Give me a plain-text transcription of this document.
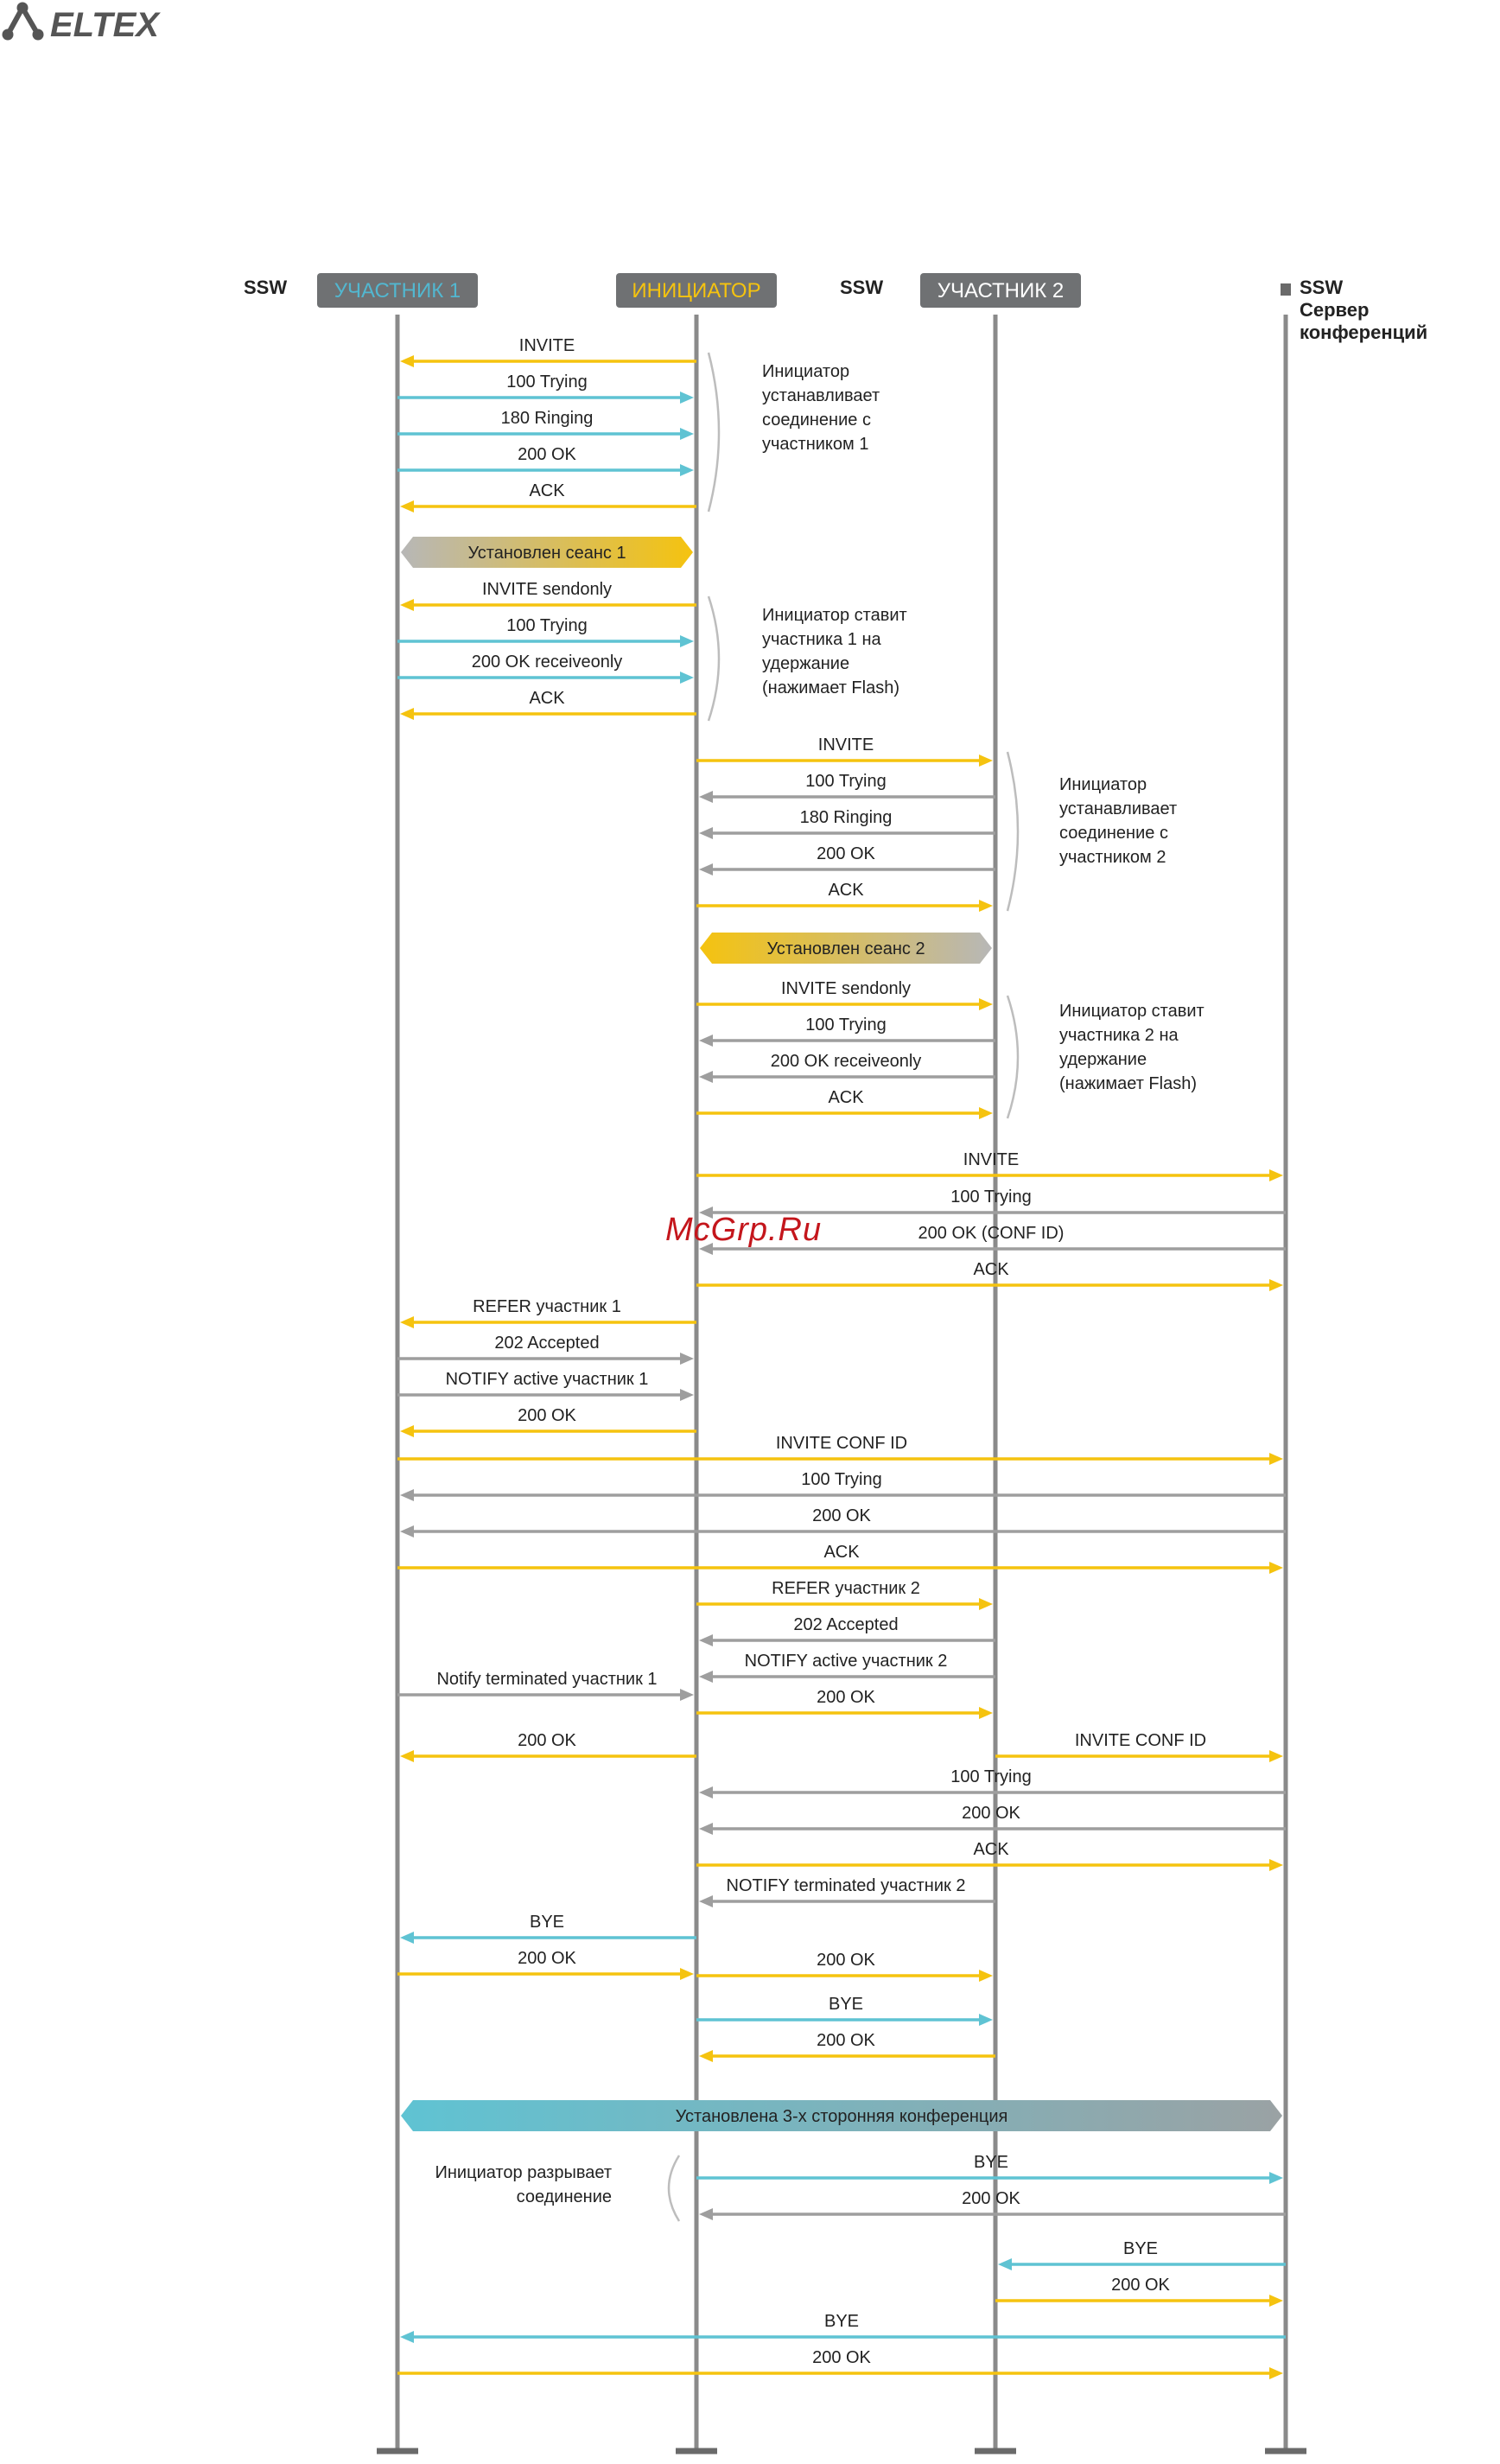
ELTEX
УЧАСТНИК 1	ИНИЦИАТОР	УЧАСТНИК 2
SSW	SSW	SSW
Сервер
конференций
INVITE
100 Trying
180 Ringing
200 OK
ACK
Установлен сеанс 1
INVITE sendonly
100 Trying
200 OK receiveonly
ACK
INVITE
100 Trying
180 Ringing
200 OK
ACK
Установлен сеанс 2
INVITE sendonly
100 Trying
200 OK receiveonly
ACK
INVITE
100 Trying
200 OK (CONF ID)
ACK
REFER участник 1
202 Accepted
NOTIFY active участник 1
200 OK
INVITE CONF ID
100 Trying
200 OK
ACK
REFER участник 2
202 Accepted
NOTIFY active участник 2
Notify terminated участник 1
200 OK
200 OK	INVITE CONF ID
100 Trying
200 OK
ACK
NOTIFY terminated участник 2
BYE
200 OK	200 OK
BYE
200 OK
Установлена 3-х сторонняя конференция
BYE
200 OK
BYE
200 OK
BYE
200 OK
Инициатор
устанавливает
соединение с
участником 1
Инициатор ставит
участника 1 на
удержание
(нажимает Flash)
Инициатор
устанавливает
соединение с
участником 2
Инициатор ставит
участника 2 на
удержание
(нажимает Flash)
Инициатор разрывает
соединение
McGrp.Ru
